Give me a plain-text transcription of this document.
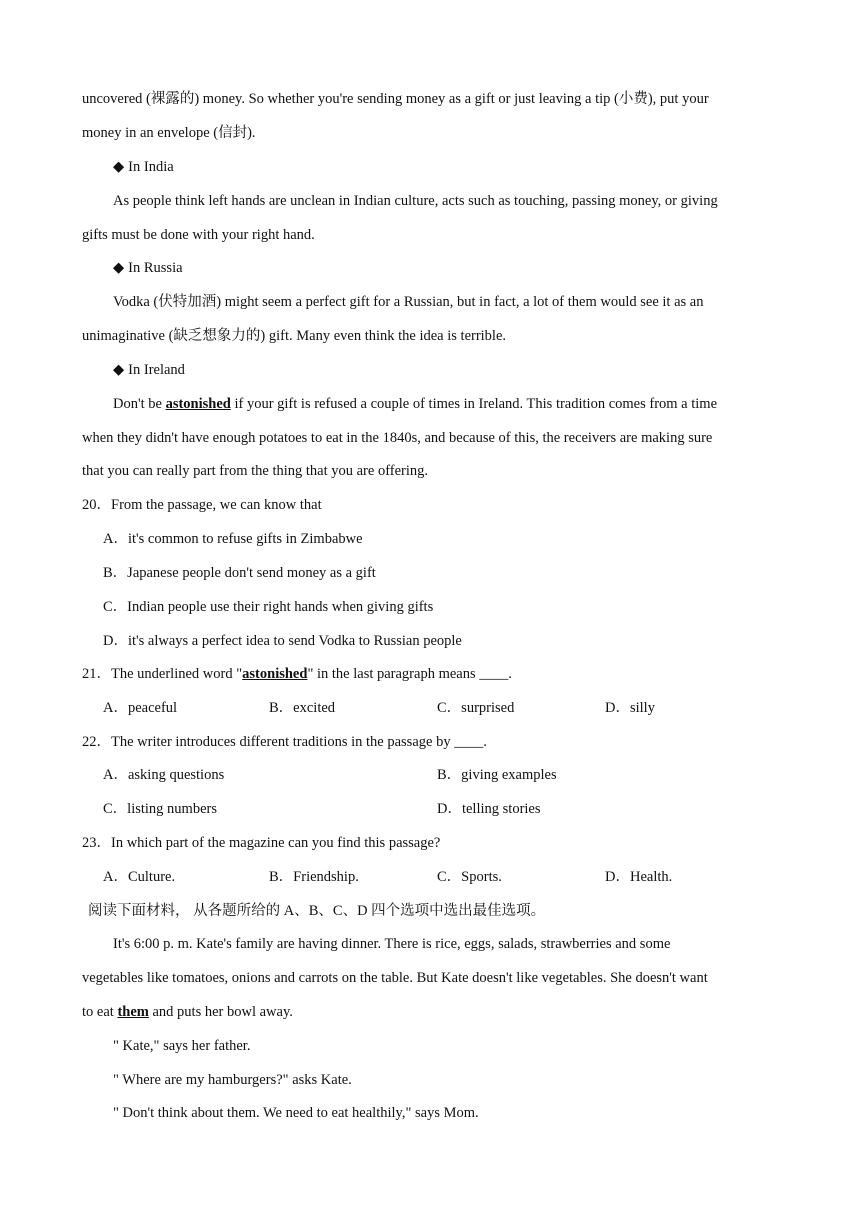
uncovered (裸露的) money. So whether you're sending money as a gift or just leaving a tip (小费), put your
money in an envelope (信封).
◆ In India
As people think left hands are unclean in Indian culture, acts such as touching, passing money, or giving
gifts must be done with your right hand.
◆ In Russia
Vodka (伏特加酒) might seem a perfect gift for a Russian, but in fact, a lot of them would see it as an
unimaginative (缺乏想象力的) gift. Many even think the idea is terrible.
◆ In Ireland
Don't be astonished if your gift is refused a couple of times in Ireland. This tradition comes from a time
when they didn't have enough potatoes to eat in the 1840s, and because of this, the receivers are making sure
that you can really part from the thing that you are offering.
20．From the passage, we can know that
A．it's common to refuse gifts in Zimbabwe
B．Japanese people don't send money as a gift
C．Indian people use their right hands when giving gifts
D．it's always a perfect idea to send Vodka to Russian people
21．The underlined word "astonished" in the last paragraph means ____.
A．peaceful	B．excited	C．surprised	D．silly
22．The writer introduces different traditions in the passage by ____.
A．asking questions	B．giving examples
C．listing numbers	D．telling stories
23．In which part of the magazine can you find this passage?
A．Culture.	B．Friendship.	C．Sports.	D．Health.
阅读下面材料， 从各题所给的 A、B、C、D 四个选项中选出最佳选项。
It's 6:00 p. m. Kate's family are having dinner. There is rice, eggs, salads, strawberries and some
vegetables like tomatoes, onions and carrots on the table. But Kate doesn't like vegetables. She doesn't want
to eat them and puts her bowl away.
" Kate," says her father.
" Where are my hamburgers?" asks Kate.
" Don't think about them. We need to eat healthily," says Mom.
